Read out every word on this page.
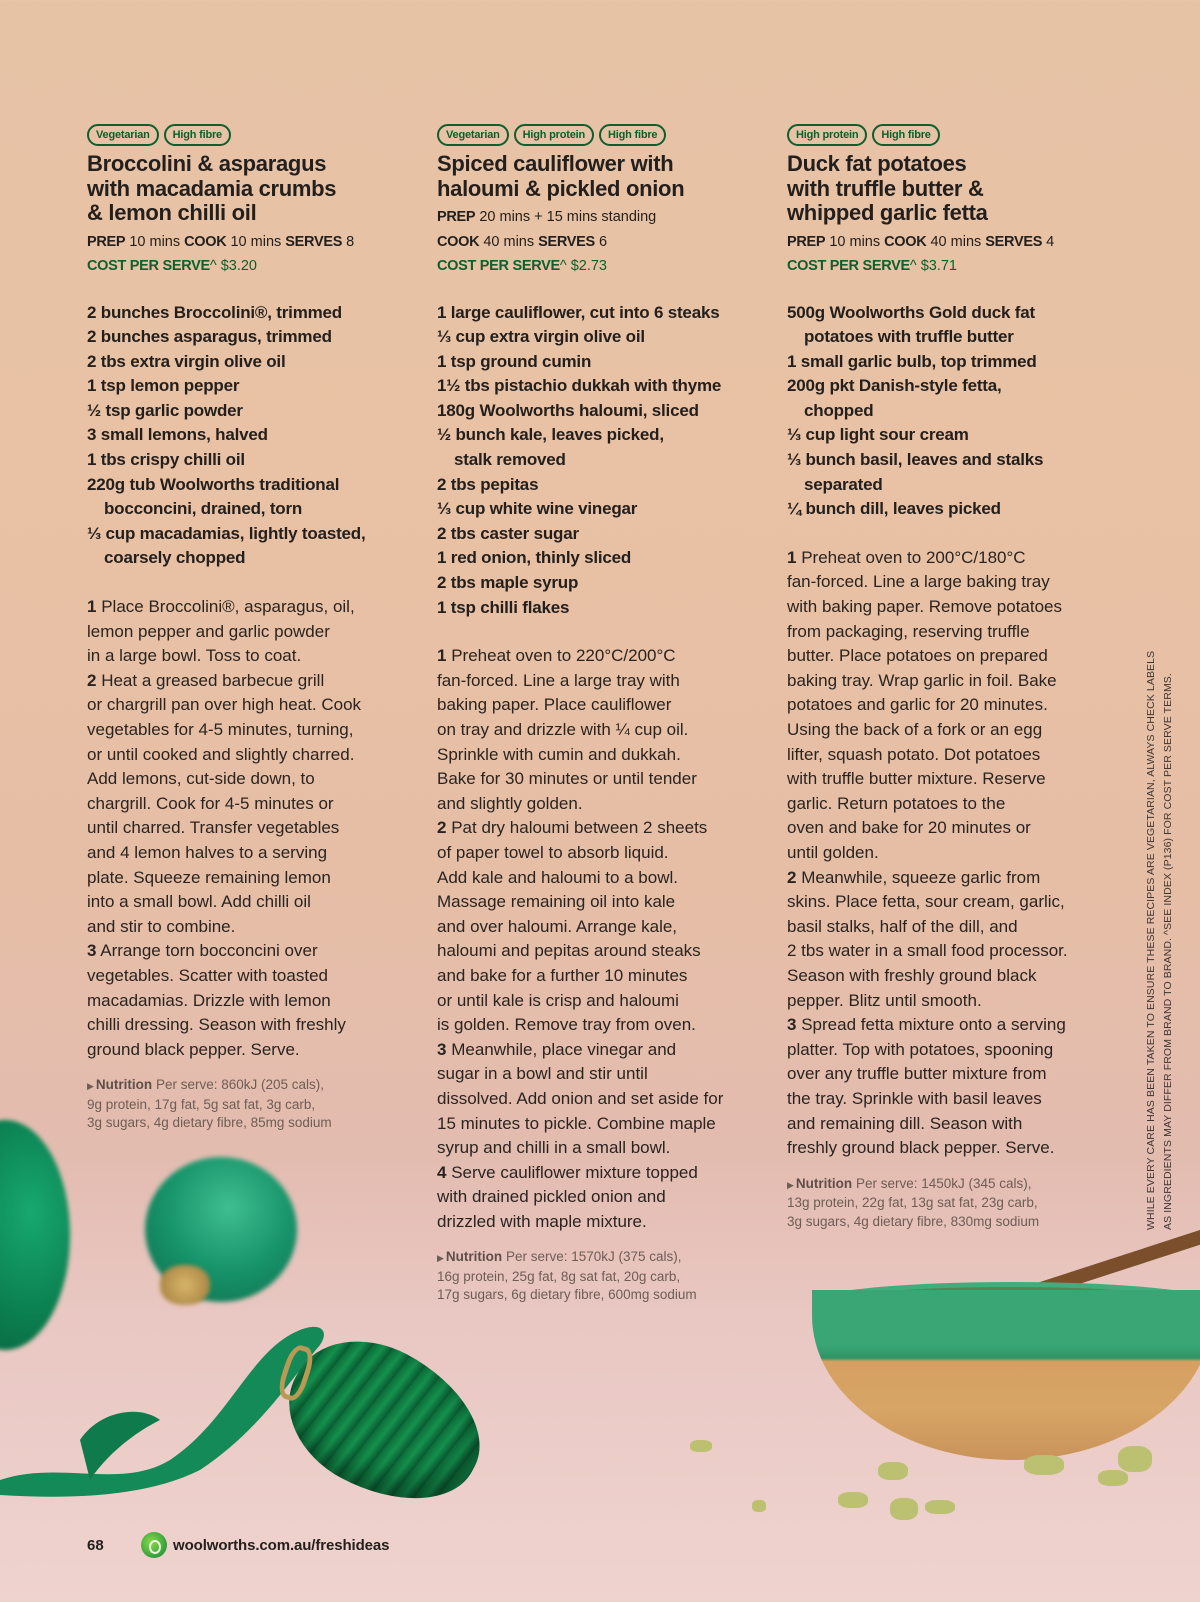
Vegetarian	High fibre
Broccolini & asparagus
with macadamia crumbs
& lemon chilli oil
PREP 10 mins COOK 10 mins SERVES 8
COST PER SERVE^ $3.20
2 bunches Broccolini®, trimmed
2 bunches asparagus, trimmed
2 tbs extra virgin olive oil
1 tsp lemon pepper
½ tsp garlic powder
3 small lemons, halved
1 tbs crispy chilli oil
220g tub Woolworths traditional bocconcini, drained, torn
⅓ cup macadamias, lightly toasted, coarsely chopped

1 Place Broccolini®, asparagus, oil,

lemon pepper and garlic powder

in a large bowl. Toss to coat.

2 Heat a greased barbecue grill

or chargrill pan over high heat. Cook

vegetables for 4-5 minutes, turning,

or until cooked and slightly charred.

Add lemons, cut-side down, to

chargrill. Cook for 4-5 minutes or

until charred. Transfer vegetables

and 4 lemon halves to a serving

plate. Squeeze remaining lemon

into a small bowl. Add chilli oil

and stir to combine.

3 Arrange torn bocconcini over

vegetables. Scatter with toasted

macadamias. Drizzle with lemon

chilli dressing. Season with freshly

ground black pepper. Serve.

▶ Nutrition Per serve: 860kJ (205 cals),
9g protein, 17g fat, 5g sat fat, 3g carb,
3g sugars, 4g dietary fibre, 85mg sodium
Vegetarian	High protein	High fibre
Spiced cauliflower with
haloumi & pickled onion
PREP 20 mins + 15 mins standing
COOK 40 mins SERVES 6
COST PER SERVE^ $2.73
1 large cauliflower, cut into 6 steaks
⅓ cup extra virgin olive oil
1 tsp ground cumin
1½ tbs pistachio dukkah with thyme
180g Woolworths haloumi, sliced
½ bunch kale, leaves picked, stalk removed
2 tbs pepitas
⅓ cup white wine vinegar
2 tbs caster sugar
1 red onion, thinly sliced
2 tbs maple syrup
1 tsp chilli flakes

1 Preheat oven to 220°C/200°C

fan-forced. Line a large tray with

baking paper. Place cauliflower

on tray and drizzle with ¼ cup oil.

Sprinkle with cumin and dukkah.

Bake for 30 minutes or until tender

and slightly golden.

2 Pat dry haloumi between 2 sheets

of paper towel to absorb liquid.

Add kale and haloumi to a bowl.

Massage remaining oil into kale

and over haloumi. Arrange kale,

haloumi and pepitas around steaks

and bake for a further 10 minutes

or until kale is crisp and haloumi

is golden. Remove tray from oven.

3 Meanwhile, place vinegar and

sugar in a bowl and stir until

dissolved. Add onion and set aside for

15 minutes to pickle. Combine maple

syrup and chilli in a small bowl.

4 Serve cauliflower mixture topped

with drained pickled onion and

drizzled with maple mixture.

▶ Nutrition Per serve: 1570kJ (375 cals),
16g protein, 25g fat, 8g sat fat, 20g carb,
17g sugars, 6g dietary fibre, 600mg sodium
High protein	High fibre
Duck fat potatoes
with truffle butter &
whipped garlic fetta
PREP 10 mins COOK 40 mins SERVES 4
COST PER SERVE^ $3.71
500g Woolworths Gold duck fat potatoes with truffle butter
1 small garlic bulb, top trimmed
200g pkt Danish-style fetta, chopped
⅓ cup light sour cream
⅓ bunch basil, leaves and stalks separated
¼ bunch dill, leaves picked

1 Preheat oven to 200°C/180°C

fan-forced. Line a large baking tray

with baking paper. Remove potatoes

from packaging, reserving truffle

butter. Place potatoes on prepared

baking tray. Wrap garlic in foil. Bake

potatoes and garlic for 20 minutes.

Using the back of a fork or an egg

lifter, squash potato. Dot potatoes

with truffle butter mixture. Reserve

garlic. Return potatoes to the

oven and bake for 20 minutes or

until golden.

2 Meanwhile, squeeze garlic from

skins. Place fetta, sour cream, garlic,

basil stalks, half of the dill, and

2 tbs water in a small food processor.

Season with freshly ground black

pepper. Blitz until smooth.

3 Spread fetta mixture onto a serving

platter. Top with potatoes, spooning

over any truffle butter mixture from

the tray. Sprinkle with basil leaves

and remaining dill. Season with

freshly ground black pepper. Serve.

▶ Nutrition Per serve: 1450kJ (345 cals),
13g protein, 22g fat, 13g sat fat, 23g carb,
3g sugars, 4g dietary fibre, 830mg sodium	WHILE EVERY CARE HAS BEEN TAKEN TO ENSURE THESE RECIPES ARE VEGETARIAN, ALWAYS CHECK LABELS AS INGREDIENTS MAY DIFFER FROM BRAND TO BRAND. ^SEE INDEX (P136) FOR COST PER SERVE TERMS.
68	woolworths.com.au/freshideas
